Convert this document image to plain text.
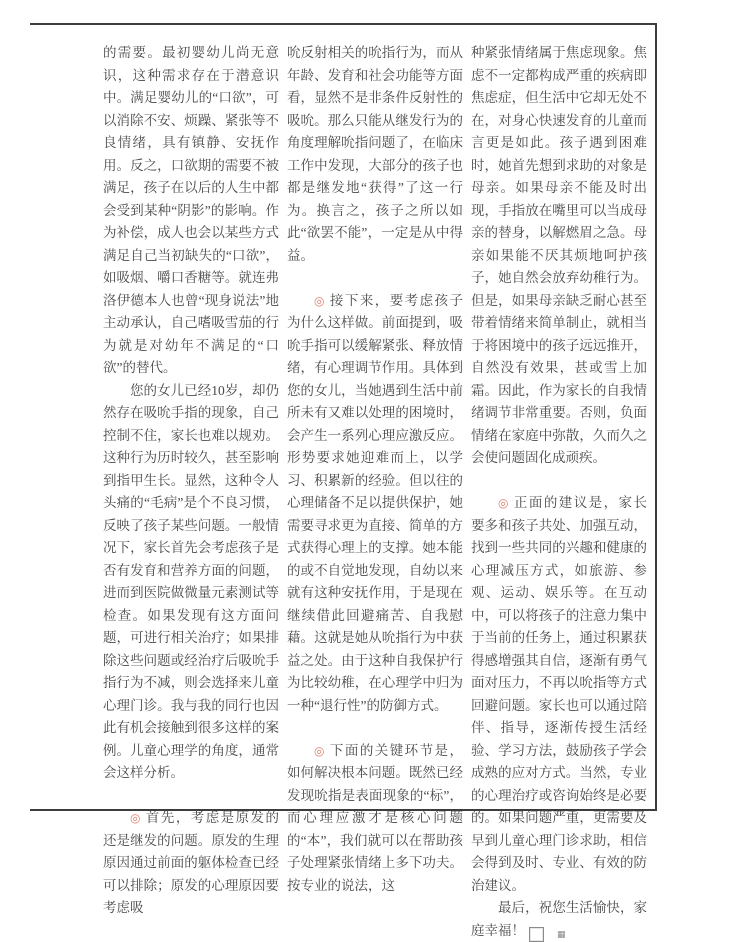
的需要。最初婴幼儿尚无意识，这种需求存在于潜意识中。满足婴幼儿的“口欲”，可以消除不安、烦躁、紧张等不良情绪，具有镇静、安抚作用。反之，口欲期的需要不被满足，孩子在以后的人生中都会受到某种“阴影”的影响。作为补偿，成人也会以某些方式满足自己当初缺失的“口欲”，如吸烟、嚼口香糖等。就连弗洛伊德本人也曾“现身说法”地主动承认，自己嗜吸雪茄的行为就是对幼年不满足的“口欲”的替代。

您的女儿已经10岁，却仍然存在吸吮手指的现象，自己控制不住，家长也难以规劝。这种行为历时较久，甚至影响到指甲生长。显然，这种令人头痛的“毛病”是个不良习惯，反映了孩子某些问题。一般情况下，家长首先会考虑孩子是否有发育和营养方面的问题，进而到医院做微量元素测试等检查。如果发现有这方面问题，可进行相关治疗；如果排除这些问题或经治疗后吸吮手指行为不减，则会选择来儿童心理门诊。我与我的同行也因此有机会接触到很多这样的案例。儿童心理学的角度，通常会这样分析。

◎ 首先，考虑是原发的还是继发的问题。原发的生理原因通过前面的躯体检查已经可以排除；原发的心理原因要考虑吸

吮反射相关的吮指行为，而从年龄、发育和社会功能等方面看，显然不是非条件反射性的吸吮。那么只能从继发行为的角度理解吮指问题了，在临床工作中发现，大部分的孩子也都是继发地“获得”了这一行为。换言之，孩子之所以如此“欲罢不能”，一定是从中得益。

◎ 接下来，要考虑孩子为什么这样做。前面提到，吸吮手指可以缓解紧张、释放情绪，有心理调节作用。具体到您的女儿，当她遇到生活中前所未有又难以处理的困境时，会产生一系列心理应激反应。形势要求她迎难而上，以学习、积累新的经验。但以往的心理储备不足以提供保护，她需要寻求更为直接、简单的方式获得心理上的支撑。她本能的或不自觉地发现，自幼以来就有这种安抚作用，于是现在继续借此回避痛苦、自我慰藉。这就是她从吮指行为中获益之处。由于这种自我保护行为比较幼稚，在心理学中归为一种“退行性”的防御方式。

◎ 下面的关键环节是，如何解决根本问题。既然已经发现吮指是表面现象的“标”，而心理应激才是核心问题的“本”，我们就可以在帮助孩子处理紧张情绪上多下功夫。按专业的说法，这

种紧张情绪属于焦虑现象。焦虑不一定都构成严重的疾病即焦虑症，但生活中它却无处不在，对身心快速发育的儿童而言更是如此。孩子遇到困难时，她首先想到求助的对象是母亲。如果母亲不能及时出现，手指放在嘴里可以当成母亲的替身，以解燃眉之急。母亲如果能不厌其烦地呵护孩子，她自然会放弃幼稚行为。但是，如果母亲缺乏耐心甚至带着情绪来简单制止，就相当于将困境中的孩子远远推开，自然没有效果，甚或雪上加霜。因此，作为家长的自我情绪调节非常重要。否则，负面情绪在家庭中弥散，久而久之会使问题固化成顽疾。

◎ 正面的建议是，家长要多和孩子共处、加强互动，找到一些共同的兴趣和健康的心理减压方式，如旅游、参观、运动、娱乐等。在互动中，可以将孩子的注意力集中于当前的任务上，通过积累获得感增强其自信，逐渐有勇气面对压力，不再以吮指等方式回避问题。家长也可以通过陪伴、指导，逐渐传授生活经验、学习方法，鼓励孩子学会成熟的应对方式。当然，专业的心理治疗或咨询始终是必要的。如果问题严重，更需要及早到儿童心理门诊求助，相信会得到及时、专业、有效的防治建议。

最后，祝您生活愉快，家庭幸福！	▦
